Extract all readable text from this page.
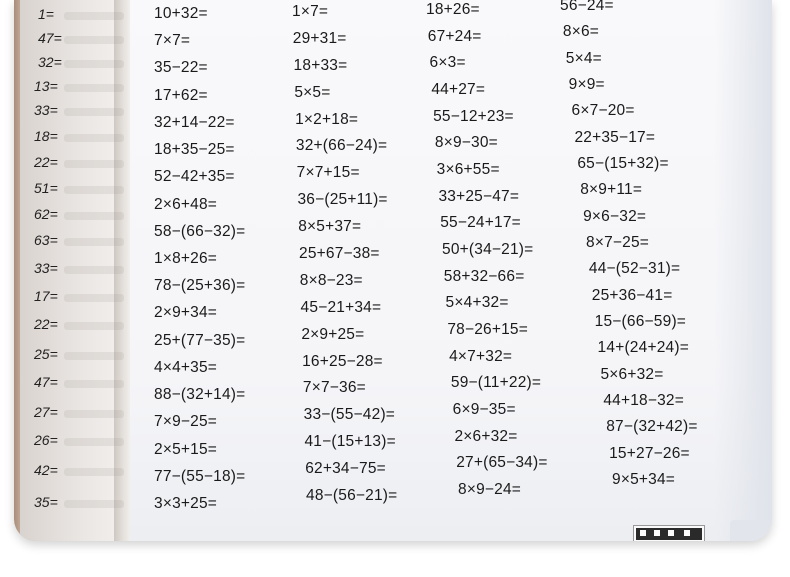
1=
47=
32=
13=
33=
18=
22=
51=
62=
63=
33=
17=
22=
25=
47=
27=
26=
42=
35=
10+32=
7×7=
35−22=
17+62=
32+14−22=
18+35−25=
52−42+35=
2×6+48=
58−(66−32)=
1×8+26=
78−(25+36)=
2×9+34=
25+(77−35)=
4×4+35=
88−(32+14)=
7×9−25=
2×5+15=
77−(55−18)=
3×3+25=
1×7=
29+31=
18+33=
5×5=
1×2+18=
32+(66−24)=
7×7+15=
36−(25+11)=
8×5+37=
25+67−38=
8×8−23=
45−21+34=
2×9+25=
16+25−28=
7×7−36=
33−(55−42)=
41−(15+13)=
62+34−75=
48−(56−21)=
18+26=
67+24=
6×3=
44+27=
55−12+23=
8×9−30=
3×6+55=
33+25−47=
55−24+17=
50+(34−21)=
58+32−66=
5×4+32=
78−26+15=
4×7+32=
59−(11+22)=
6×9−35=
2×6+32=
27+(65−34)=
8×9−24=
56−24=
8×6=
5×4=
9×9=
6×7−20=
22+35−17=
65−(15+32)=
8×9+11=
9×6−32=
8×7−25=
44−(52−31)=
25+36−41=
15−(66−59)=
14+(24+24)=
5×6+32=
44+18−32=
87−(32+42)=
15+27−26=
9×5+34=
